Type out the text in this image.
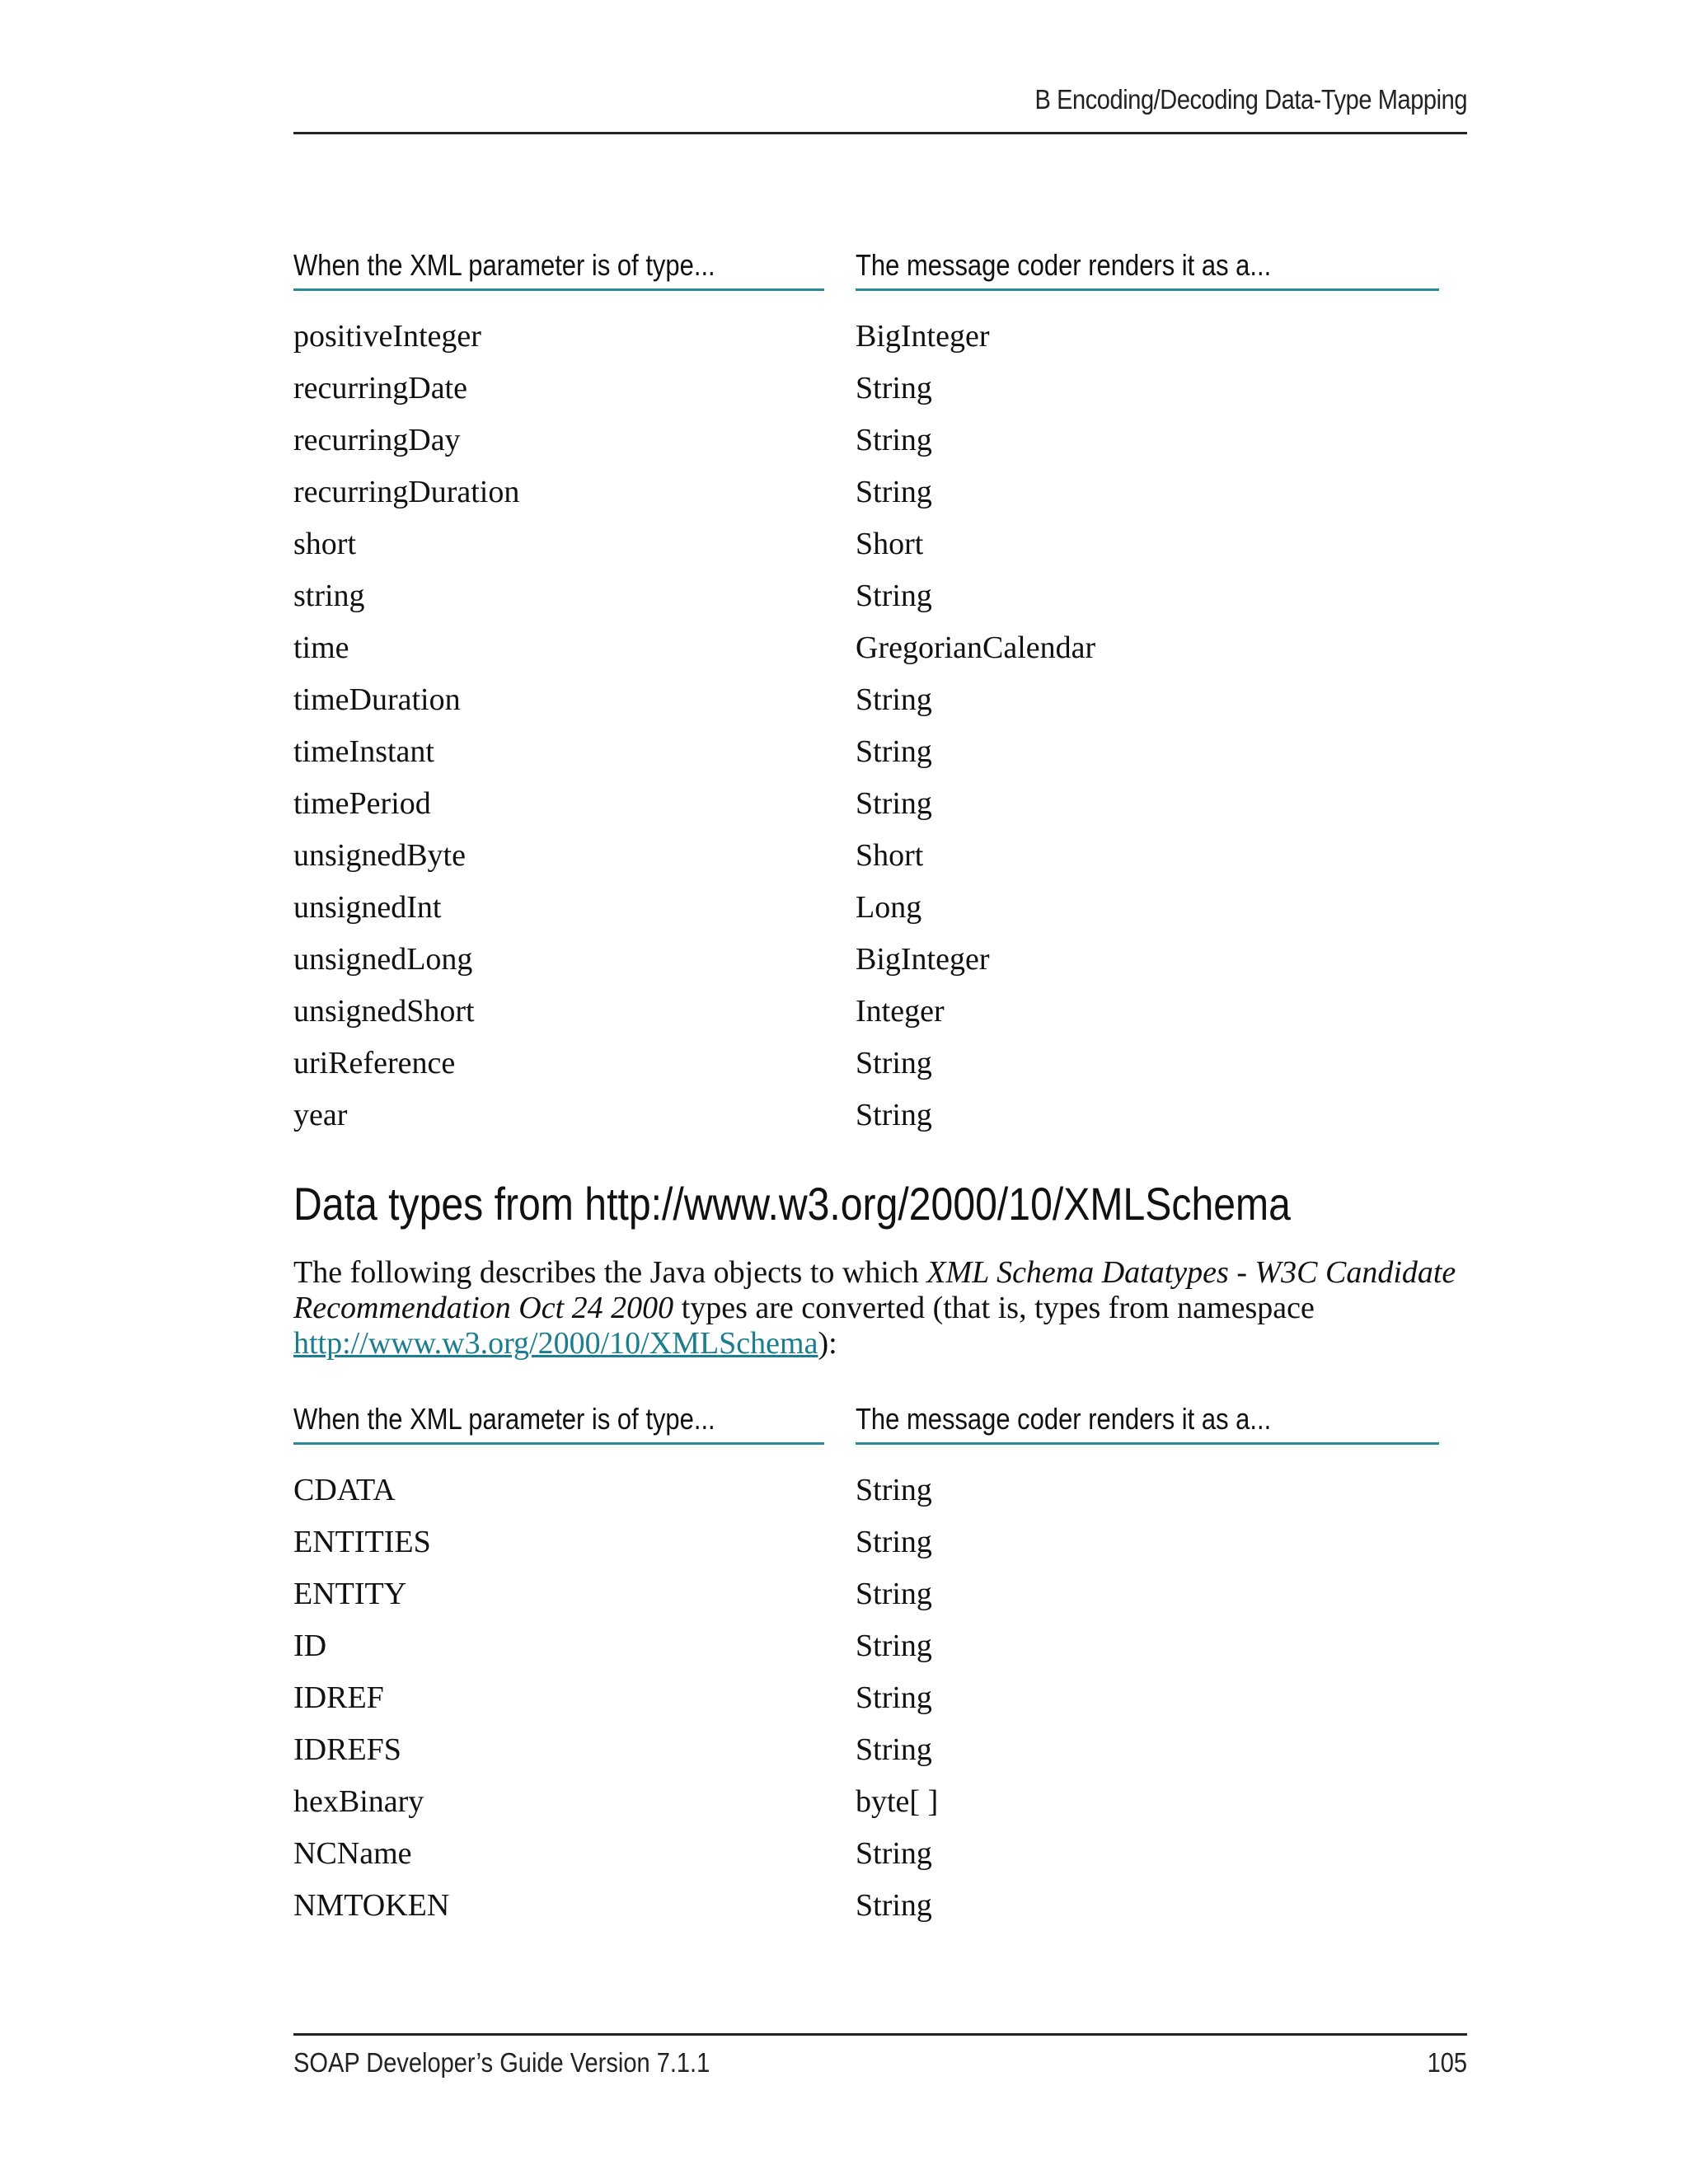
B Encoding/Decoding Data-Type Mapping
When the XML parameter is of type...	The message coder renders it as a...
positiveInteger	BigInteger
recurringDate	String
recurringDay	String
recurringDuration	String
short	Short
string	String
time	GregorianCalendar
timeDuration	String
timeInstant	String
timePeriod	String
unsignedByte	Short
unsignedInt	Long
unsignedLong	BigInteger
unsignedShort	Integer
uriReference	String
year	String
Data types from http://www.w3.org/2000/10/XMLSchema

The following describes the Java objects to which XML Schema Datatypes - W3C Candidate Recommendation Oct 24 2000 types are converted (that is, types from namespace http://www.w3.org/2000/10/XMLSchema):

When the XML parameter is of type...	The message coder renders it as a...
CDATA	String
ENTITIES	String
ENTITY	String
ID	String
IDREF	String
IDREFS	String
hexBinary	byte[ ]
NCName	String
NMTOKEN	String
SOAP Developer’s Guide Version 7.1.1	105
